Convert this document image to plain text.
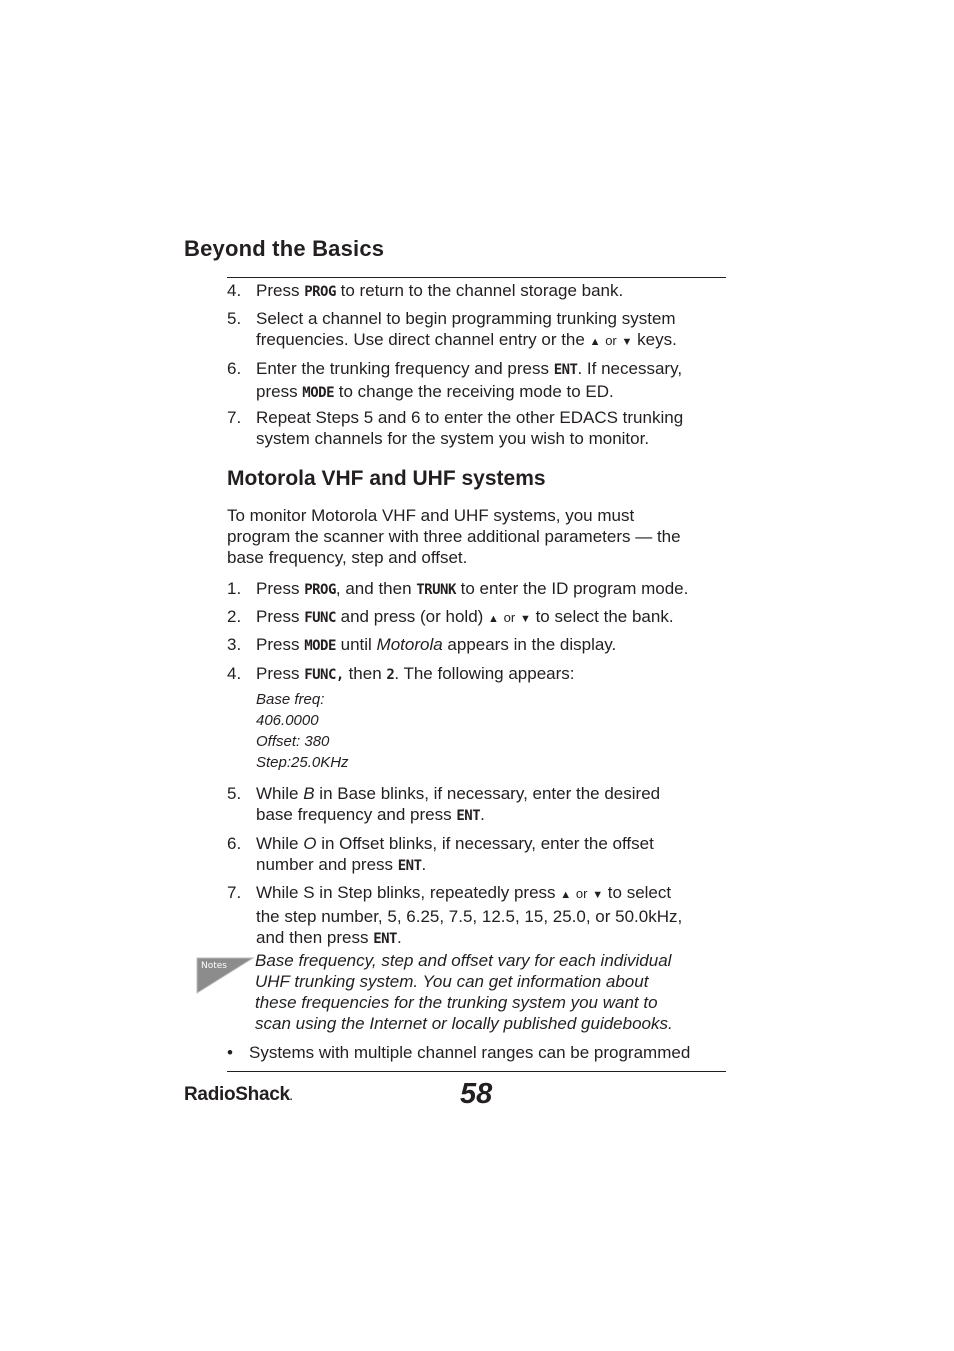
Beyond the Basics
4. Press PROG to return to the channel storage bank.
5. Select a channel to begin programming trunking system
frequencies. Use direct channel entry or the ▲ or ▼ keys.
6. Enter the trunking frequency and press ENT. If necessary,
press MODE to change the receiving mode to ED.
7. Repeat Steps 5 and 6 to enter the other EDACS trunking
system channels for the system you wish to monitor.
Motorola VHF and UHF systems
To monitor Motorola VHF and UHF systems, you must
program the scanner with three additional parameters — the
base frequency, step and offset.
1. Press PROG, and then TRUNK to enter the ID program mode.
2. Press FUNC and press (or hold) ▲ or ▼ to select the bank.
3. Press MODE until Motorola appears in the display.
4. Press FUNC, then 2. The following appears:
Base freq:
406.0000
Offset: 380
Step:25.0KHz
5. While B in Base blinks, if necessary, enter the desired
base frequency and press ENT.
6. While O in Offset blinks, if necessary, enter the offset
number and press ENT.
7. While S in Step blinks, repeatedly press ▲ or ▼ to select
the step number, 5, 6.25, 7.5, 12.5, 15, 25.0, or 50.0kHz,
and then press ENT.
Notes Base frequency, step and offset vary for each individual
UHF trunking system. You can get information about
these frequencies for the trunking system you want to
scan using the Internet or locally published guidebooks.
• Systems with multiple channel ranges can be programmed
RadioShack.	58
